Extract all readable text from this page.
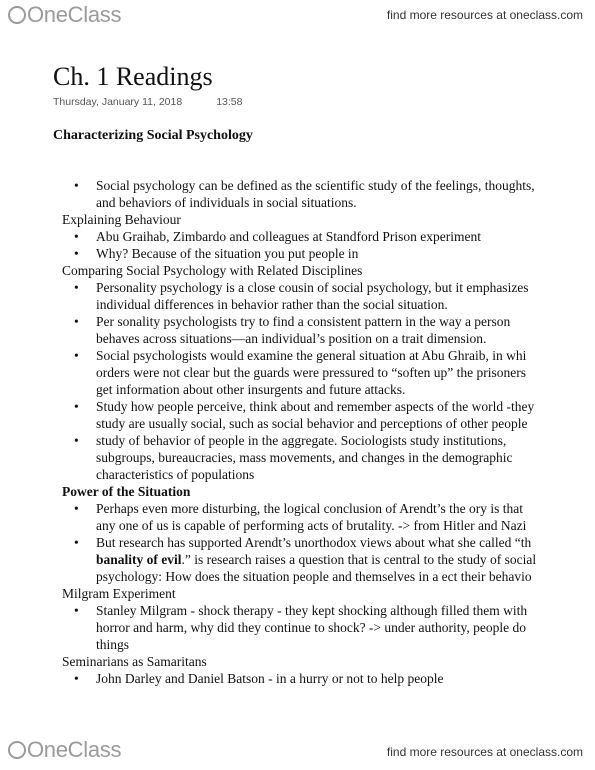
OneClass	find more resources at oneclass.com
Ch. 1 Readings
Thursday, January 11, 2018	13:58
Characterizing Social Psychology
• Social psychology can be defined as the scientific study of the feelings, thoughts,
and behaviors of individuals in social situations.
Explaining Behaviour
• Abu Graihab, Zimbardo and colleagues at Standford Prison experiment
• Why? Because of the situation you put people in
Comparing Social Psychology with Related Disciplines
• Personality psychology is a close cousin of social psychology, but it emphasizes
individual differences in behavior rather than the social situation.
• Per sonality psychologists try to find a consistent pattern in the way a person
behaves across situations—an individual’s position on a trait dimension.
• Social psychologists would examine the general situation at Abu Ghraib, in whi
orders were not clear but the guards were pressured to “soften up” the prisoners
get information about other insurgents and future attacks.
• Study how people perceive, think about and remember aspects of the world -they
study are usually social, such as social behavior and perceptions of other people
• study of behavior of people in the aggregate. Sociologists study institutions,
subgroups, bureaucracies, mass movements, and changes in the demographic
characteristics of populations
Power of the Situation
• Perhaps even more disturbing, the logical conclusion of Arendt’s the ory is that
any one of us is capable of performing acts of brutality. -> from Hitler and Nazi
• But research has supported Arendt’s unorthodox views about what she called “th
banality of evil.” is research raises a question that is central to the study of social
psychology: How does the situation people and themselves in a ect their behavio
Milgram Experiment
• Stanley Milgram - shock therapy - they kept shocking although filled them with
horror and harm, why did they continue to shock? -> under authority, people do
things
Seminarians as Samaritans
• John Darley and Daniel Batson - in a hurry or not to help people
OneClass	find more resources at oneclass.com
